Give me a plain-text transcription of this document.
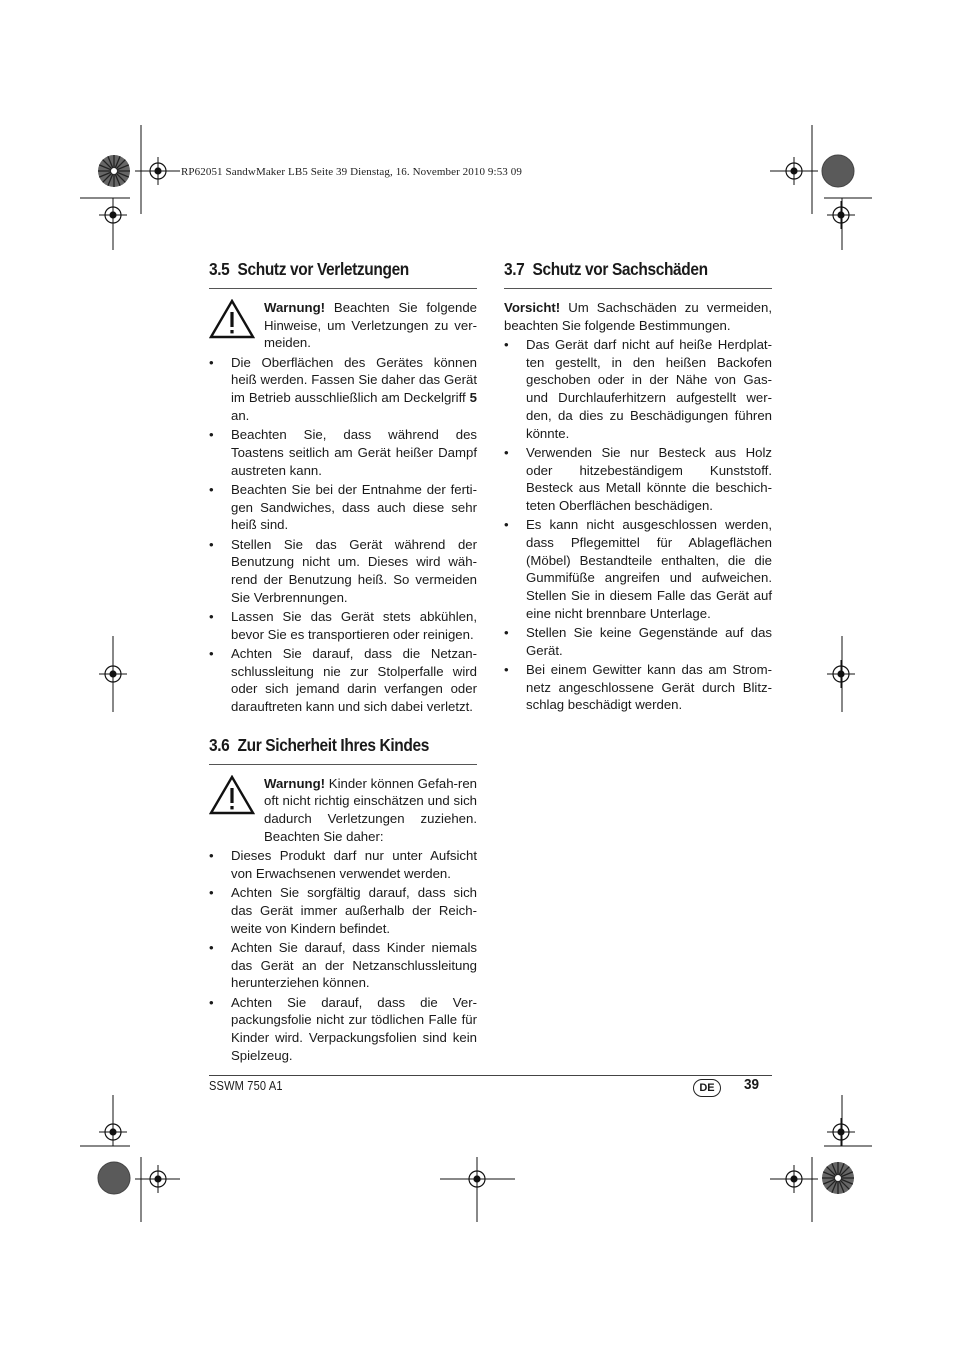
RP62051 SandwMaker LB5 Seite 39 Dienstag, 16. November 2010 9:53 09
3.5 Schutz vor Verletzungen
Warnung! Beachten Sie folgende Hinweise, um Verletzungen zu ver-meiden.
•	Die Oberflächen des Gerätes können heiß werden. Fassen Sie daher das Gerät im Betrieb ausschließlich am Deckelgriff 5 an.
•	Beachten Sie, dass während des Toastens seitlich am Gerät heißer Dampf austreten kann.
•	Beachten Sie bei der Entnahme der ferti-gen Sandwiches, dass auch diese sehr heiß sind.
•	Stellen Sie das Gerät während der Benutzung nicht um. Dieses wird wäh-rend der Benutzung heiß. So vermeiden Sie Verbrennungen.
•	Lassen Sie das Gerät stets abkühlen, bevor Sie es transportieren oder reinigen.
•	Achten Sie darauf, dass die Netzan-schlussleitung nie zur Stolperfalle wird oder sich jemand darin verfangen oder darauftreten kann und sich dabei verletzt.
3.6 Zur Sicherheit Ihres Kindes
Warnung! Kinder können Gefah-ren oft nicht richtig einschätzen und sich dadurch Verletzungen zuziehen. Beachten Sie daher:
•	Dieses Produkt darf nur unter Aufsicht von Erwachsenen verwendet werden.
•	Achten Sie sorgfältig darauf, dass sich das Gerät immer außerhalb der Reich-weite von Kindern befindet.
•	Achten Sie darauf, dass Kinder niemals das Gerät an der Netzanschlussleitung herunterziehen können.
•	Achten Sie darauf, dass die Ver-packungsfolie nicht zur tödlichen Falle für Kinder wird. Verpackungsfolien sind kein Spielzeug.
3.7 Schutz vor Sachschäden
Vorsicht! Um Sachschäden zu vermeiden, beachten Sie folgende Bestimmungen.
•	Das Gerät darf nicht auf heiße Herdplat-ten gestellt, in den heißen Backofen geschoben oder in der Nähe von Gas- und Durchlauferhitzern aufgestellt wer-den, da dies zu Beschädigungen führen könnte.
•	Verwenden Sie nur Besteck aus Holz oder hitzebeständigem Kunststoff. Besteck aus Metall könnte die beschich-teten Oberflächen beschädigen.
•	Es kann nicht ausgeschlossen werden, dass Pflegemittel für Ablageflächen (Möbel) Bestandteile enthalten, die die Gummifüße angreifen und aufweichen. Stellen Sie in diesem Falle das Gerät auf eine nicht brennbare Unterlage.
•	Stellen Sie keine Gegenstände auf das Gerät.
•	Bei einem Gewitter kann das am Strom-netz angeschlossene Gerät durch Blitz-schlag beschädigt werden.
SSWM 750 A1	DE	39
